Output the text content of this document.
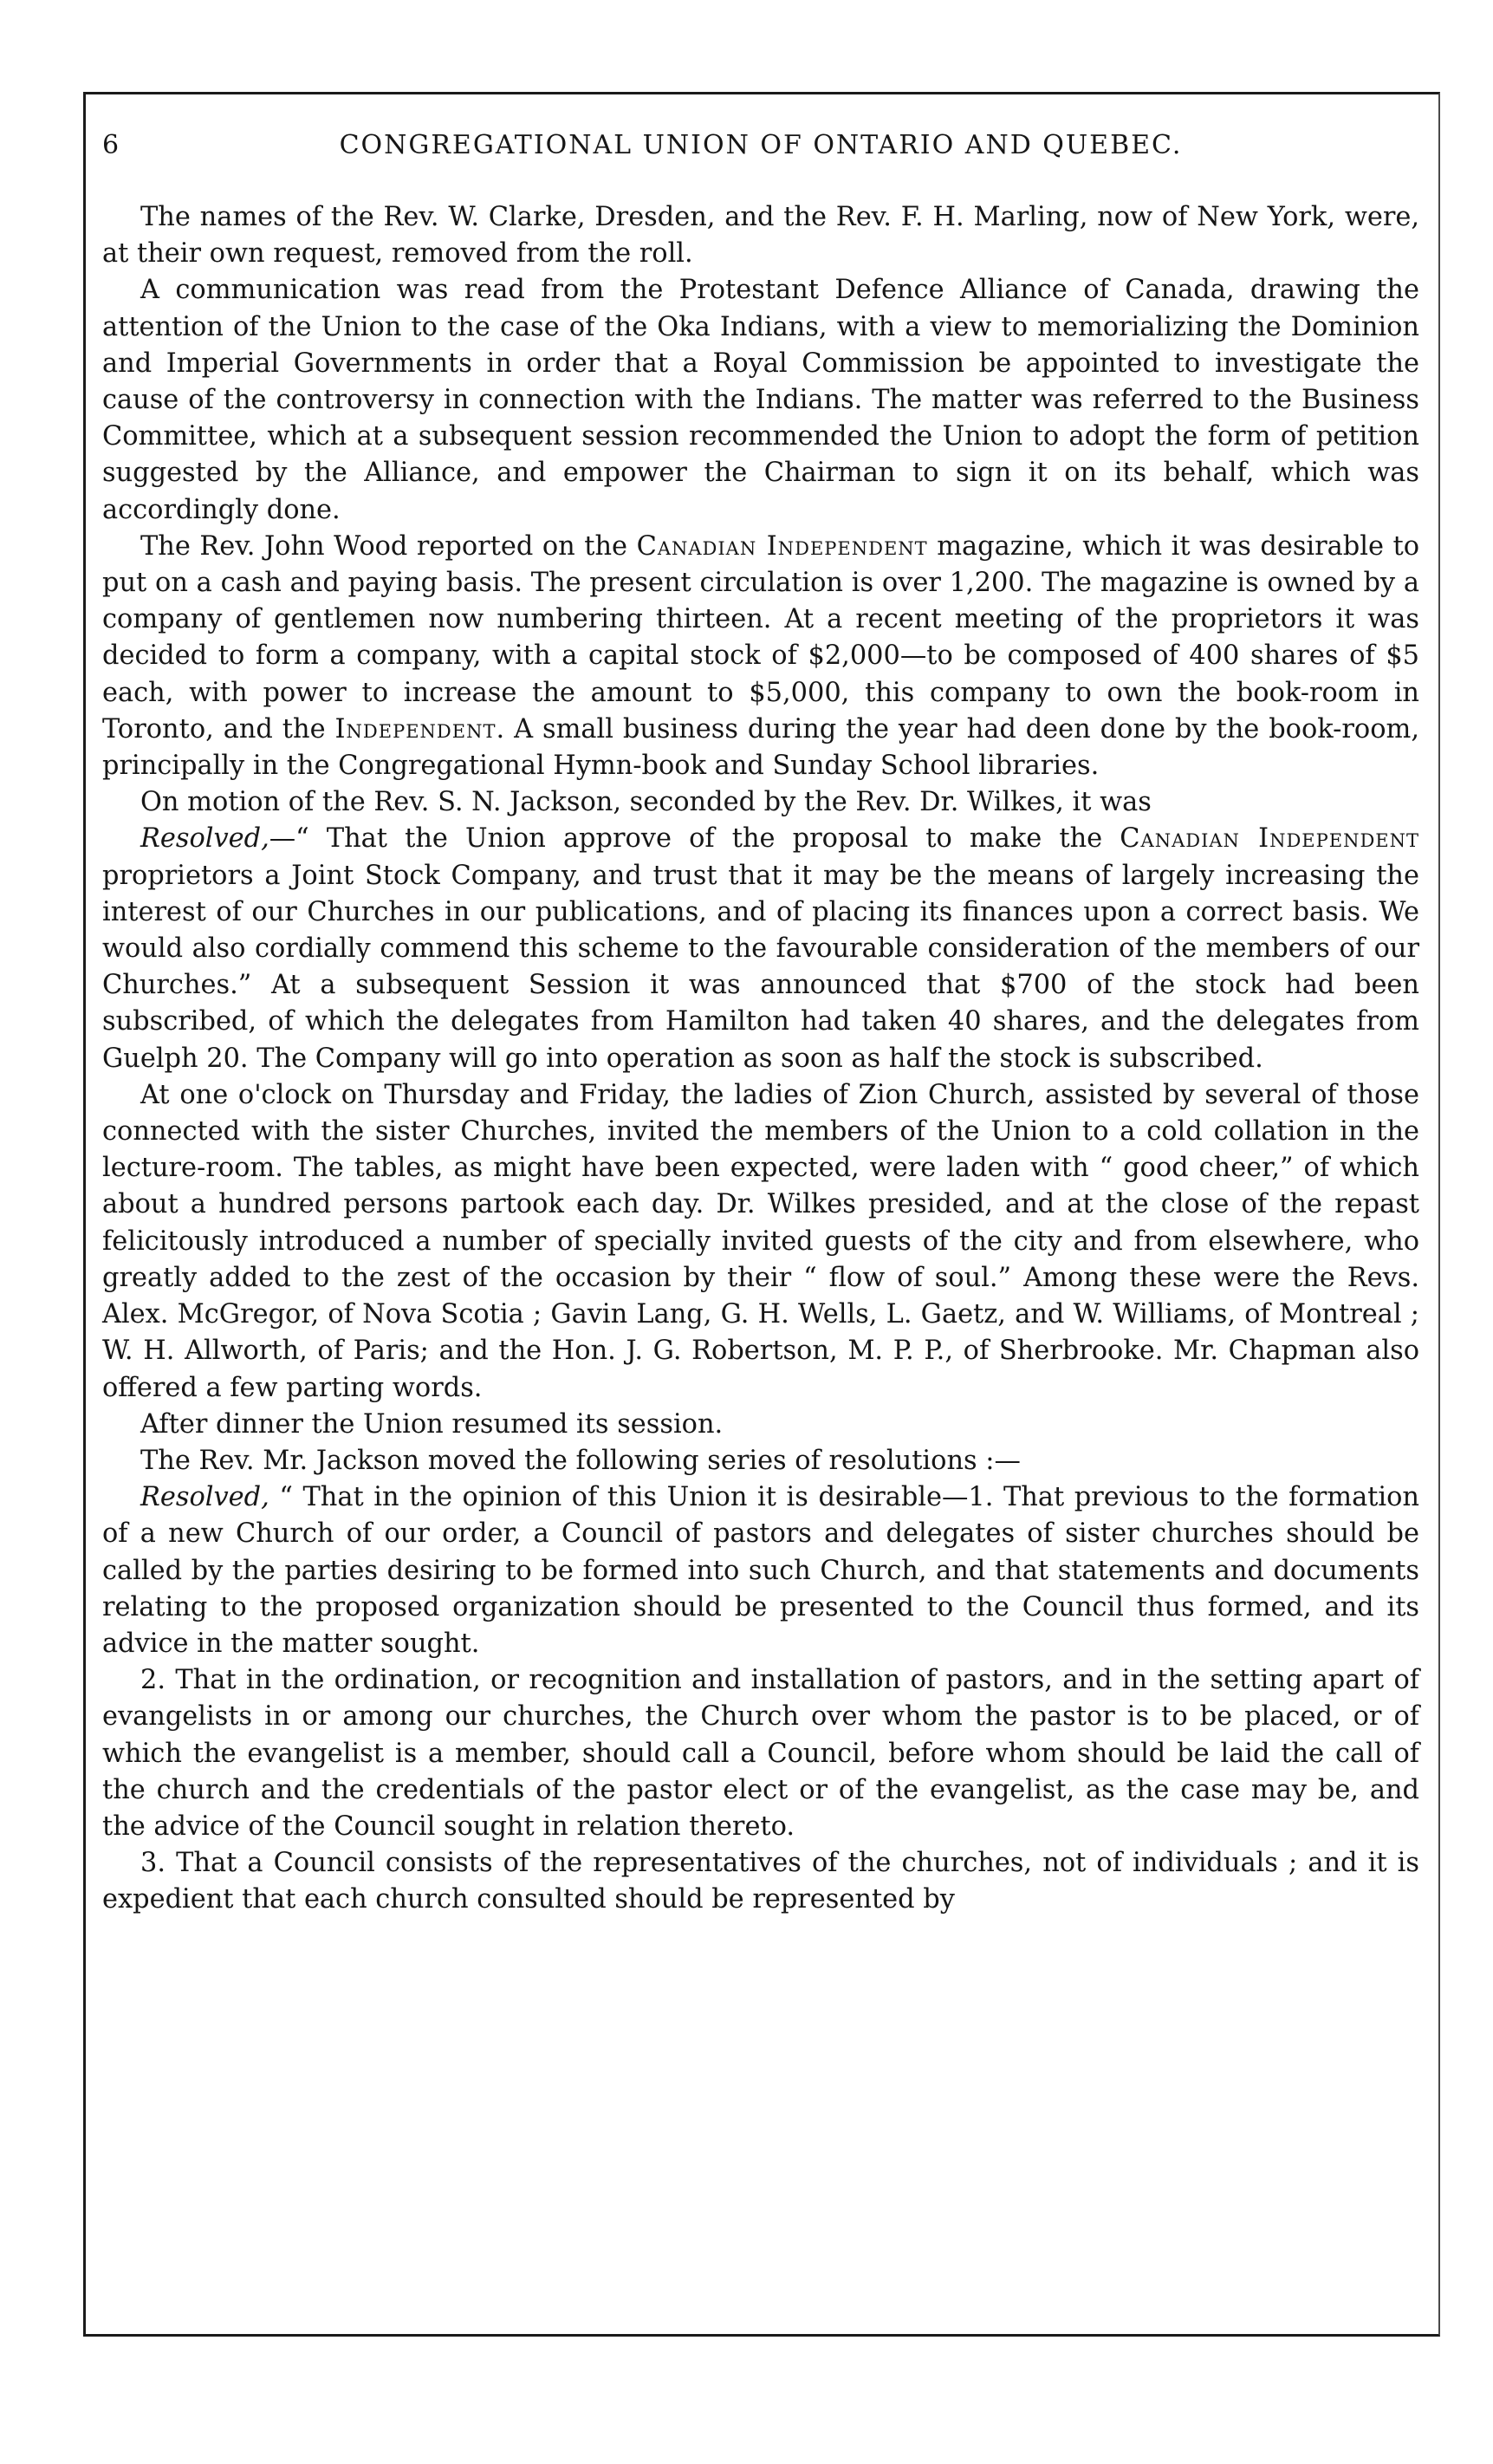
6	CONGREGATIONAL UNION OF ONTARIO AND QUEBEC.

The names of the Rev. W. Clarke, Dresden, and the Rev. F. H. Marling, now of New York, were, at their own request, removed from the roll.

A communication was read from the Protestant Defence Alliance of Canada, drawing the attention of the Union to the case of the Oka Indians, with a view to memorializing the Dominion and Imperial Governments in order that a Royal Commission be appointed to investigate the cause of the controversy in connection with the Indians. The matter was referred to the Business Committee, which at a subsequent session recommended the Union to adopt the form of petition suggested by the Alliance, and empower the Chairman to sign it on its behalf, which was accordingly done.

The Rev. John Wood reported on the Canadian Independent magazine, which it was desirable to put on a cash and paying basis. The present circulation is over 1,200. The magazine is owned by a company of gentlemen now numbering thirteen. At a recent meeting of the proprietors it was decided to form a company, with a capital stock of $2,000—to be composed of 400 shares of $5 each, with power to increase the amount to $5,000, this company to own the book-room in Toronto, and the Independent. A small business during the year had deen done by the book-room, principally in the Congregational Hymn-book and Sunday School libraries.

On motion of the Rev. S. N. Jackson, seconded by the Rev. Dr. Wilkes, it was

Resolved,—“ That the Union approve of the proposal to make the Canadian Independent proprietors a Joint Stock Company, and trust that it may be the means of largely increasing the interest of our Churches in our publications, and of placing its finances upon a correct basis. We would also cordially commend this scheme to the favourable consideration of the members of our Churches.” At a subsequent Session it was announced that $700 of the stock had been subscribed, of which the delegates from Hamilton had taken 40 shares, and the delegates from Guelph 20. The Company will go into operation as soon as half the stock is subscribed.

At one o'clock on Thursday and Friday, the ladies of Zion Church, assisted by several of those connected with the sister Churches, invited the members of the Union to a cold collation in the lecture-room. The tables, as might have been expected, were laden with “ good cheer,” of which about a hundred persons partook each day. Dr. Wilkes presided, and at the close of the repast felicitously introduced a number of specially invited guests of the city and from elsewhere, who greatly added to the zest of the occasion by their “ flow of soul.” Among these were the Revs. Alex. McGregor, of Nova Scotia ; Gavin Lang, G. H. Wells, L. Gaetz, and W. Williams, of Montreal ; W. H. Allworth, of Paris; and the Hon. J. G. Robertson, M. P. P., of Sherbrooke. Mr. Chapman also offered a few parting words.

After dinner the Union resumed its session.

The Rev. Mr. Jackson moved the following series of resolutions :—

Resolved, “ That in the opinion of this Union it is desirable—1. That previous to the formation of a new Church of our order, a Council of pastors and delegates of sister churches should be called by the parties desiring to be formed into such Church, and that statements and documents relating to the proposed organization should be presented to the Council thus formed, and its advice in the matter sought.

2. That in the ordination, or recognition and installation of pastors, and in the setting apart of evangelists in or among our churches, the Church over whom the pastor is to be placed, or of which the evangelist is a member, should call a Council, before whom should be laid the call of the church and the credentials of the pastor elect or of the evangelist, as the case may be, and the advice of the Council sought in relation thereto.

3. That a Council consists of the representatives of the churches, not of individuals ; and it is expedient that each church consulted should be represented by
